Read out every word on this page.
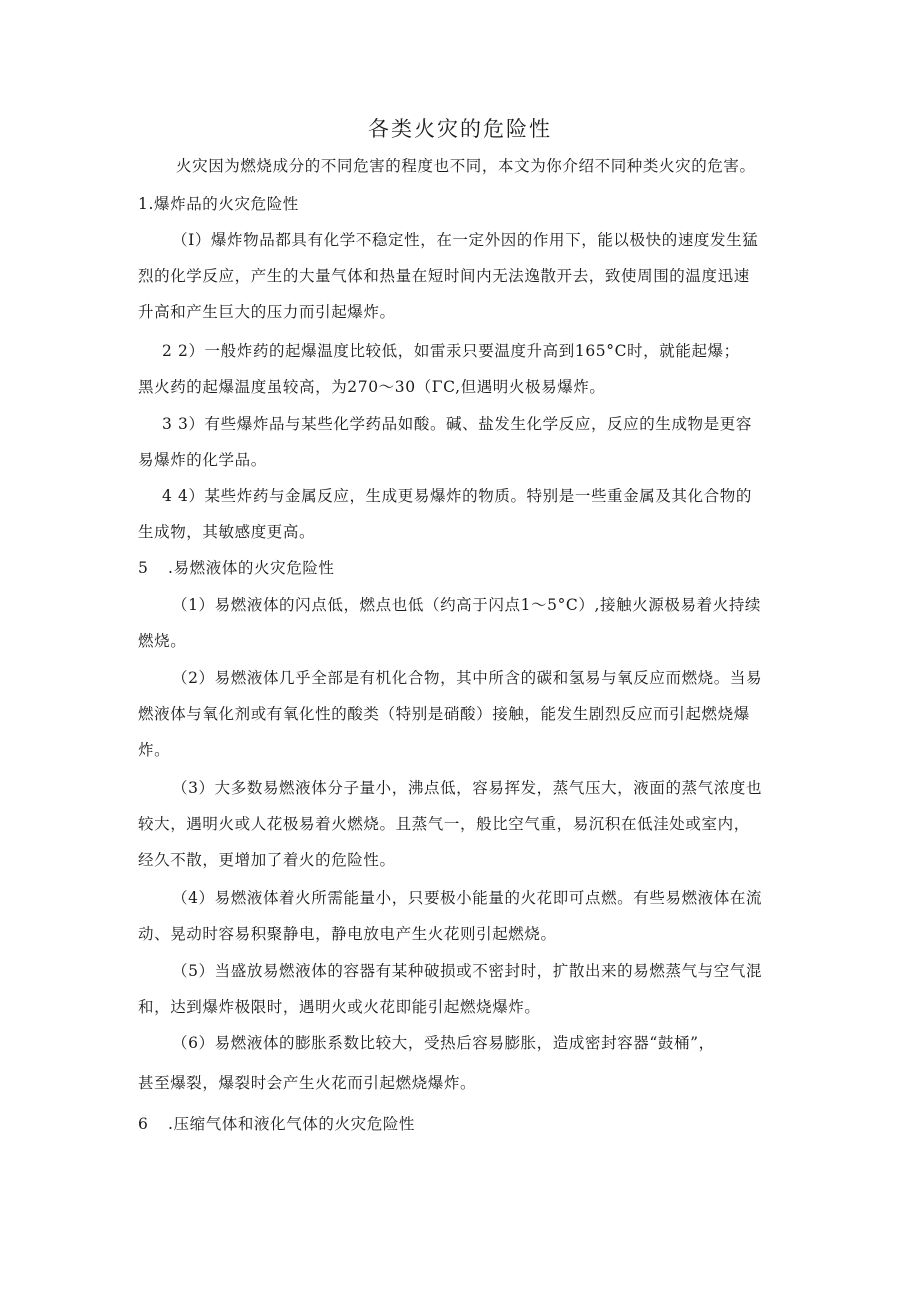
各类火灾的危险性

火灾因为燃烧成分的不同危害的程度也不同，本文为你介绍不同种类火灾的危害。

1.爆炸品的火灾危险性
（I）爆炸物品都具有化学不稳定性，在一定外因的作用下，能以极快的速度发生猛
烈的化学反应，产生的大量气体和热量在短时间内无法逸散开去，致使周围的温度迅速
升高和产生巨大的压力而引起爆炸。
2 2）一般炸药的起爆温度比较低，如雷汞只要温度升高到165°C时，就能起爆；
黑火药的起爆温度虽较高，为270～30（ΓC,但遇明火极易爆炸。
3 3）有些爆炸品与某些化学药品如酸。碱、盐发生化学反应，反应的生成物是更容
易爆炸的化学品。
4 4）某些炸药与金属反应，生成更易爆炸的物质。特别是一些重金属及其化合物的
生成物，其敏感度更高。
5 .易燃液体的火灾危险性
（1）易燃液体的闪点低，燃点也低（约高于闪点1～5°C）,接触火源极易着火持续
燃烧。
（2）易燃液体几乎全部是有机化合物，其中所含的碳和氢易与氧反应而燃烧。当易
燃液体与氧化剂或有氧化性的酸类（特别是硝酸）接触，能发生剧烈反应而引起燃烧爆
炸。
（3）大多数易燃液体分子量小，沸点低，容易挥发，蒸气压大，液面的蒸气浓度也
较大，遇明火或人花极易着火燃烧。且蒸气一，般比空气重，易沉积在低洼处或室内，
经久不散，更增加了着火的危险性。
（4）易燃液体着火所需能量小，只要极小能量的火花即可点燃。有些易燃液体在流
动、晃动时容易积聚静电，静电放电产生火花则引起燃烧。
（5）当盛放易燃液体的容器有某种破损或不密封时，扩散出来的易燃蒸气与空气混
和，达到爆炸极限时，遇明火或火花即能引起燃烧爆炸。
（6）易燃液体的膨胀系数比较大，受热后容易膨胀，造成密封容器“鼓桶”，
甚至爆裂，爆裂时会产生火花而引起燃烧爆炸。
6 .压缩气体和液化气体的火灾危险性
